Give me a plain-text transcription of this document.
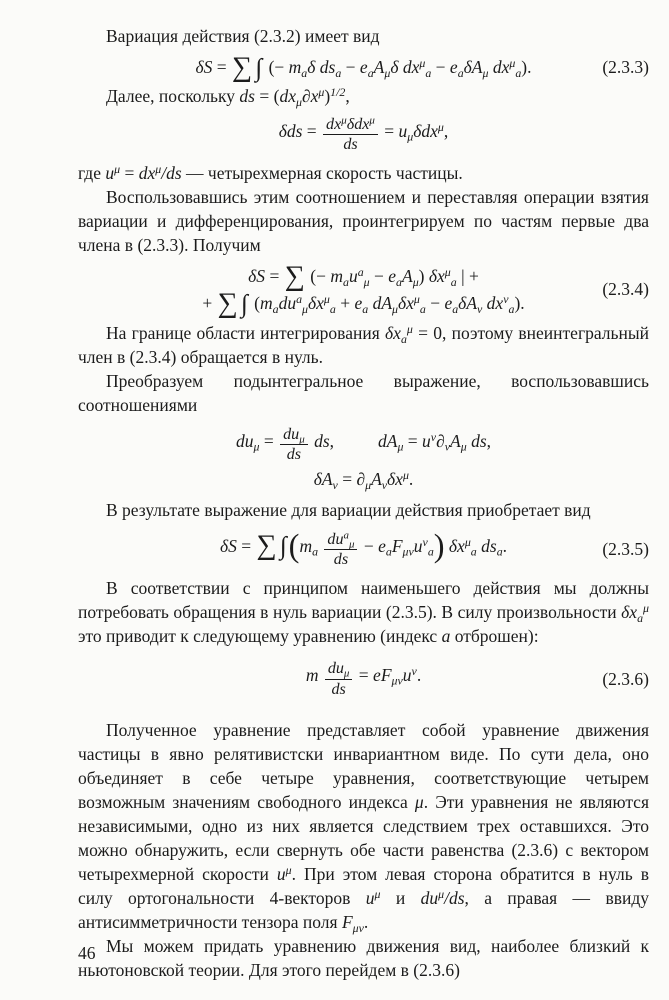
Вариация действия (2.3.2) имеет вид

δS = ∑ ∫ (− $m_a\delta$ $ds_a - e_aA_\mu\delta$ $dx^\mu_a - e_a\delta A_\mu$ $dx^\mu_a$).	(2.3.3)

Далее, поскольку ds = $(dx_\mu\partial x^\mu)^{1/2}$,

$\delta ds = \frac{dx^\mu\delta dx^\mu}{ds} = u_\mu\delta dx^\mu$,

где $u^\mu = dx^\mu/ds$ — четырехмерная скорость частицы.

Воспользовавшись этим соотношением и переставляя операции взятия вариации и дифференцирования, проинтегрируем по частям первые два члена в (2.3.3). Получим

δS = ∑ (− $m_au^a_\mu - e_aA_\mu$) $\delta x^\mu_a$ | +
+ ∑ ∫ ($m_adu^a_\mu\delta x^\mu_a + e_a$ $dA_\mu\delta x^\mu_a - e_a\delta A_\nu$ $dx^\nu_a$).
(2.3.4)

На границе области интегрирования $\delta x_a^\mu = 0$, поэтому внеинтегральный член в (2.3.4) обращается в нуль.

Преобразуем подынтегральное выражение, воспользовавшись соотношениями

$du_\mu = \frac{du_\mu}{ds}$ ds,	$dA_\mu = u^\nu\partial_\nu A_\mu$ ds,
$\delta A_\nu = \partial_\mu A_\nu\delta x^\mu$.

В результате выражение для вариации действия приобретает вид

δS = ∑ $\int(m_a \frac{du^a_\mu}{ds} - e_aF_{\mu\nu}u^\nu_a)$ $\delta x^\mu_a$ $ds_a$.	(2.3.5)

В соответствии с принципом наименьшего действия мы должны потребовать обращения в нуль вариации (2.3.5). В силу произвольности $\delta x_a^\mu$ это приводит к следующему уравнению (индекс a отброшен):

m $\frac{du_\mu}{ds} = eF_{\mu\nu}u^\nu$.	(2.3.6)

Полученное уравнение представляет собой уравнение движения частицы в явно релятивистски инвариантном виде. По сути дела, оно объединяет в себе четыре уравнения, соответствующие четырем возможным значениям свободного индекса μ. Эти уравнения не являются независимыми, одно из них является следствием трех оставшихся. Это можно обнаружить, если свернуть обе части равенства (2.3.6) с вектором четырехмерной скорости $u^\mu$. При этом левая сторона обратится в нуль в силу ортогональности 4-векторов $u^\mu$ и $du^\mu/ds$, а правая — ввиду антисимметричности тензора поля $F_{\mu\nu}$.

Мы можем придать уравнению движения вид, наиболее близкий к ньютоновской теории. Для этого перейдем в (2.3.6)

46
